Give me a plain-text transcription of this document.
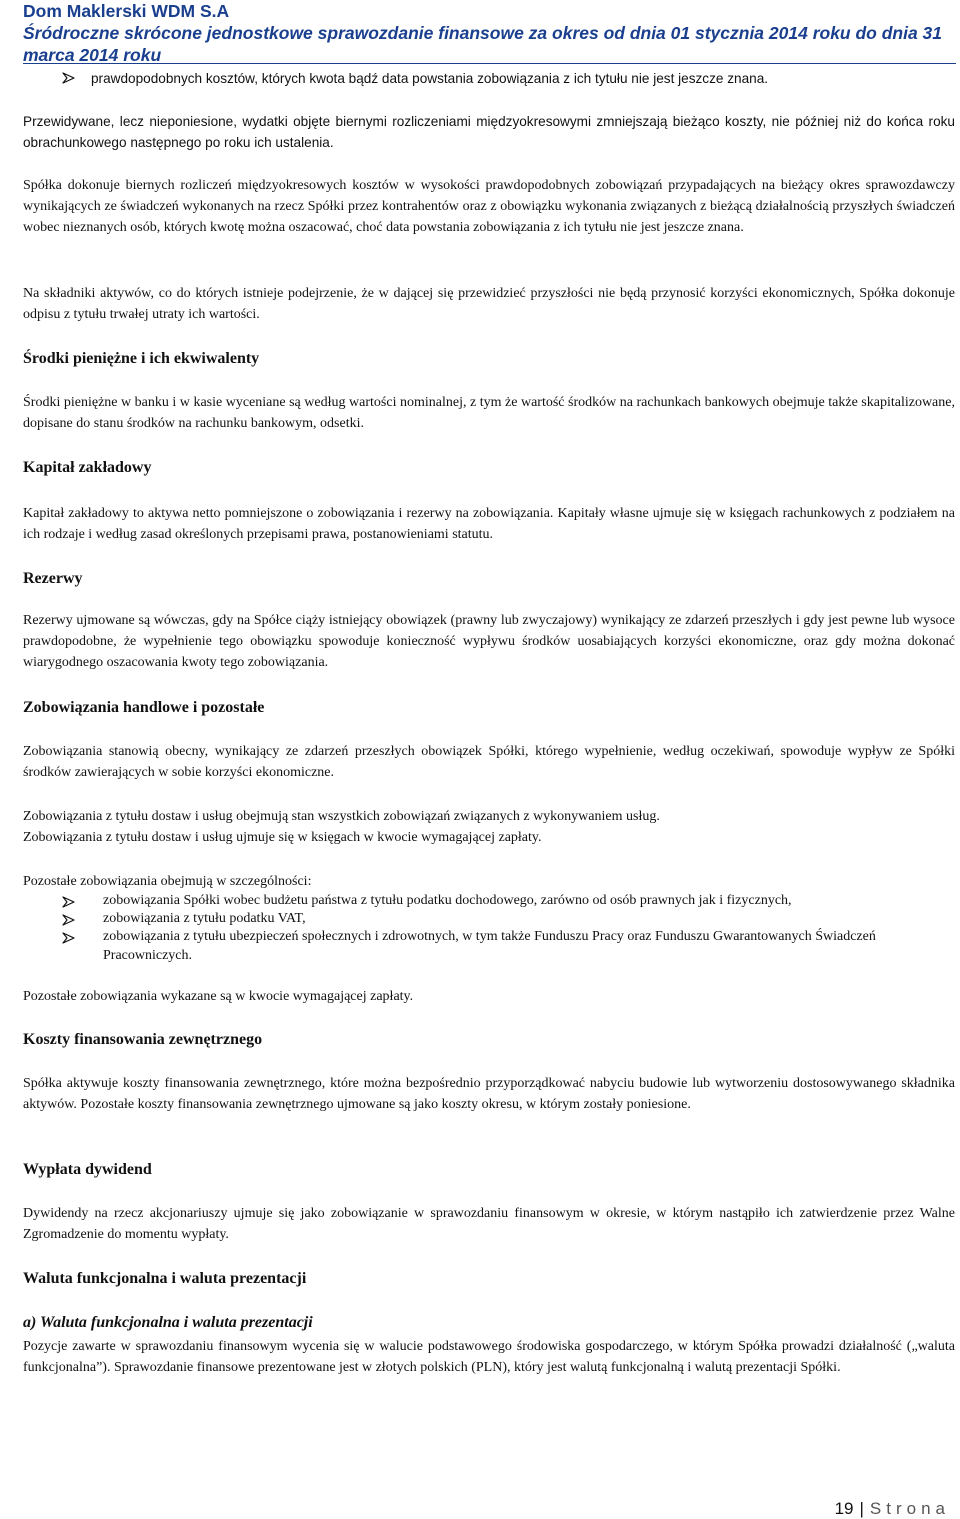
Dom Maklerski WDM S.A
Śródroczne skrócone jednostkowe sprawozdanie finansowe za okres od dnia 01 stycznia 2014 roku do dnia 31
marca 2014 roku
prawdopodobnych kosztów, których kwota bądź data powstania zobowiązania z ich tytułu nie jest jeszcze znana.

Przewidywane, lecz nieponiesione, wydatki objęte biernymi rozliczeniami międzyokresowymi zmniejszają bieżąco koszty, nie później niż do końca roku obrachunkowego następnego po roku ich ustalenia.

Spółka dokonuje biernych rozliczeń międzyokresowych kosztów w wysokości prawdopodobnych zobowiązań przypadających na bieżący okres sprawozdawczy wynikających ze świadczeń wykonanych na rzecz Spółki przez kontrahentów oraz z obowiązku wykonania związanych z bieżącą działalnością przyszłych świadczeń wobec nieznanych osób, których kwotę można oszacować, choć data powstania zobowiązania z ich tytułu nie jest jeszcze znana.

Na składniki aktywów, co do których istnieje podejrzenie, że w dającej się przewidzieć przyszłości nie będą przynosić korzyści ekonomicznych, Spółka dokonuje odpisu z tytułu trwałej utraty ich wartości.

Środki pieniężne i ich ekwiwalenty

Środki pieniężne w banku i w kasie wyceniane są według wartości nominalnej, z tym że wartość środków na rachunkach bankowych obejmuje także skapitalizowane, dopisane do stanu środków na rachunku bankowym, odsetki.

Kapitał zakładowy

Kapitał zakładowy to aktywa netto pomniejszone o zobowiązania i rezerwy na zobowiązania. Kapitały własne ujmuje się w księgach rachunkowych z podziałem na ich rodzaje i według zasad określonych przepisami prawa, postanowieniami statutu.

Rezerwy

Rezerwy ujmowane są wówczas, gdy na Spółce ciąży istniejący obowiązek (prawny lub zwyczajowy) wynikający ze zdarzeń przeszłych i gdy jest pewne lub wysoce prawdopodobne, że wypełnienie tego obowiązku spowoduje konieczność wypływu środków uosabiających korzyści ekonomiczne, oraz gdy można dokonać wiarygodnego oszacowania kwoty tego zobowiązania.

Zobowiązania handlowe i pozostałe

Zobowiązania stanowią obecny, wynikający ze zdarzeń przeszłych obowiązek Spółki, którego wypełnienie, według oczekiwań, spowoduje wypływ ze Spółki środków zawierających w sobie korzyści ekonomiczne.

Zobowiązania z tytułu dostaw i usług obejmują stan wszystkich zobowiązań związanych z wykonywaniem usług.

Zobowiązania z tytułu dostaw i usług ujmuje się w księgach w kwocie wymagającej zapłaty.

Pozostałe zobowiązania obejmują w szczególności:

zobowiązania Spółki wobec budżetu państwa z tytułu podatku dochodowego, zarówno od osób prawnych jak i fizycznych,
zobowiązania z tytułu podatku VAT,
zobowiązania z tytułu ubezpieczeń społecznych i zdrowotnych, w tym także Funduszu Pracy oraz Funduszu Gwarantowanych Świadczeń Pracowniczych.

Pozostałe zobowiązania wykazane są w kwocie wymagającej zapłaty.

Koszty finansowania zewnętrznego

Spółka aktywuje koszty finansowania zewnętrznego, które można bezpośrednio przyporządkować nabyciu budowie lub wytworzeniu dostosowywanego składnika aktywów. Pozostałe koszty finansowania zewnętrznego ujmowane są jako koszty okresu, w którym zostały poniesione.

Wypłata dywidend

Dywidendy na rzecz akcjonariuszy ujmuje się jako zobowiązanie w sprawozdaniu finansowym w okresie, w którym nastąpiło ich zatwierdzenie przez Walne Zgromadzenie do momentu wypłaty.

Waluta funkcjonalna i waluta prezentacji
a) Waluta funkcjonalna i waluta prezentacji

Pozycje zawarte w sprawozdaniu finansowym wycenia się w walucie podstawowego środowiska gospodarczego, w którym Spółka prowadzi działalność („waluta funkcjonalna”). Sprawozdanie finansowe prezentowane jest w złotych polskich (PLN), który jest walutą funkcjonalną i walutą prezentacji Spółki.

19 | Strona
